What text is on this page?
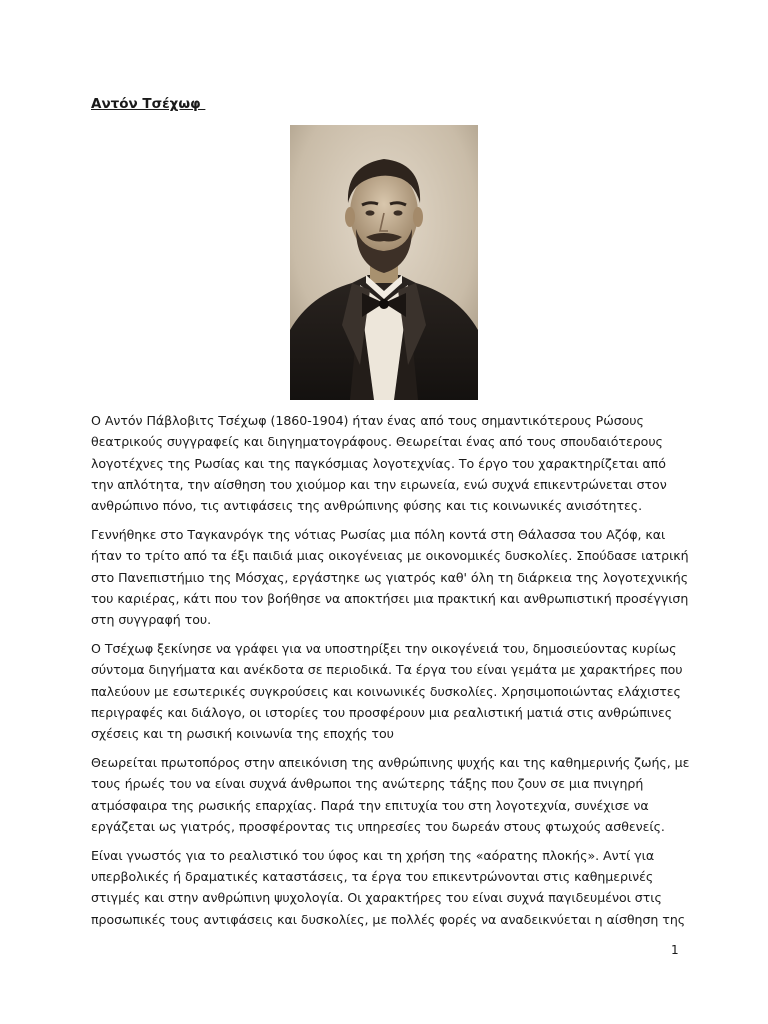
Αντόν Τσέχωφ

Ο Αντόν Πάβλοβιτς Τσέχωφ (1860-1904) ήταν ένας από τους σημαντικότερους Ρώσους θεατρικούς συγγραφείς και διηγηματογράφους. Θεωρείται ένας από τους σπουδαιότερους λογοτέχνες της Ρωσίας και της παγκόσμιας λογοτεχνίας. Το έργο του χαρακτηρίζεται από την απλότητα, την αίσθηση του χιούμορ και την ειρωνεία, ενώ συχνά επικεντρώνεται στον ανθρώπινο πόνο, τις αντιφάσεις της ανθρώπινης φύσης και τις κοινωνικές ανισότητες.

Γεννήθηκε στο Ταγκανρόγκ της νότιας Ρωσίας μια πόλη κοντά στη Θάλασσα του Αζόφ, και ήταν το τρίτο από τα έξι παιδιά μιας οικογένειας με οικονομικές δυσκολίες. Σπούδασε ιατρική στο Πανεπιστήμιο της Μόσχας, εργάστηκε ως γιατρός καθ' όλη τη διάρκεια της λογοτεχνικής του καριέρας, κάτι που τον βοήθησε να αποκτήσει μια πρακτική και ανθρωπιστική προσέγγιση στη συγγραφή του.

Ο Τσέχωφ ξεκίνησε να γράφει για να υποστηρίξει την οικογένειά του, δημοσιεύοντας κυρίως σύντομα διηγήματα και ανέκδοτα σε περιοδικά. Τα έργα του είναι γεμάτα με χαρακτήρες που παλεύουν με εσωτερικές συγκρούσεις και κοινωνικές δυσκολίες. Χρησιμοποιώντας ελάχιστες περιγραφές και διάλογο, οι ιστορίες του προσφέρουν μια ρεαλιστική ματιά στις ανθρώπινες σχέσεις και τη ρωσική κοινωνία της εποχής του

Θεωρείται πρωτοπόρος στην απεικόνιση της ανθρώπινης ψυχής και της καθημερινής ζωής, με τους ήρωές του να είναι συχνά άνθρωποι της ανώτερης τάξης που ζουν σε μια πνιγηρή ατμόσφαιρα της ρωσικής επαρχίας. Παρά την επιτυχία του στη λογοτεχνία, συνέχισε να εργάζεται ως γιατρός, προσφέροντας τις υπηρεσίες του δωρεάν στους φτωχούς ασθενείς.

Είναι γνωστός για το ρεαλιστικό του ύφος και τη χρήση της «αόρατης πλοκής». Αντί για υπερβολικές ή δραματικές καταστάσεις, τα έργα του επικεντρώνονται στις καθημερινές στιγμές και στην ανθρώπινη ψυχολογία. Οι χαρακτήρες του είναι συχνά παγιδευμένοι στις προσωπικές τους αντιφάσεις και δυσκολίες, με πολλές φορές να αναδεικνύεται η αίσθηση της

1
